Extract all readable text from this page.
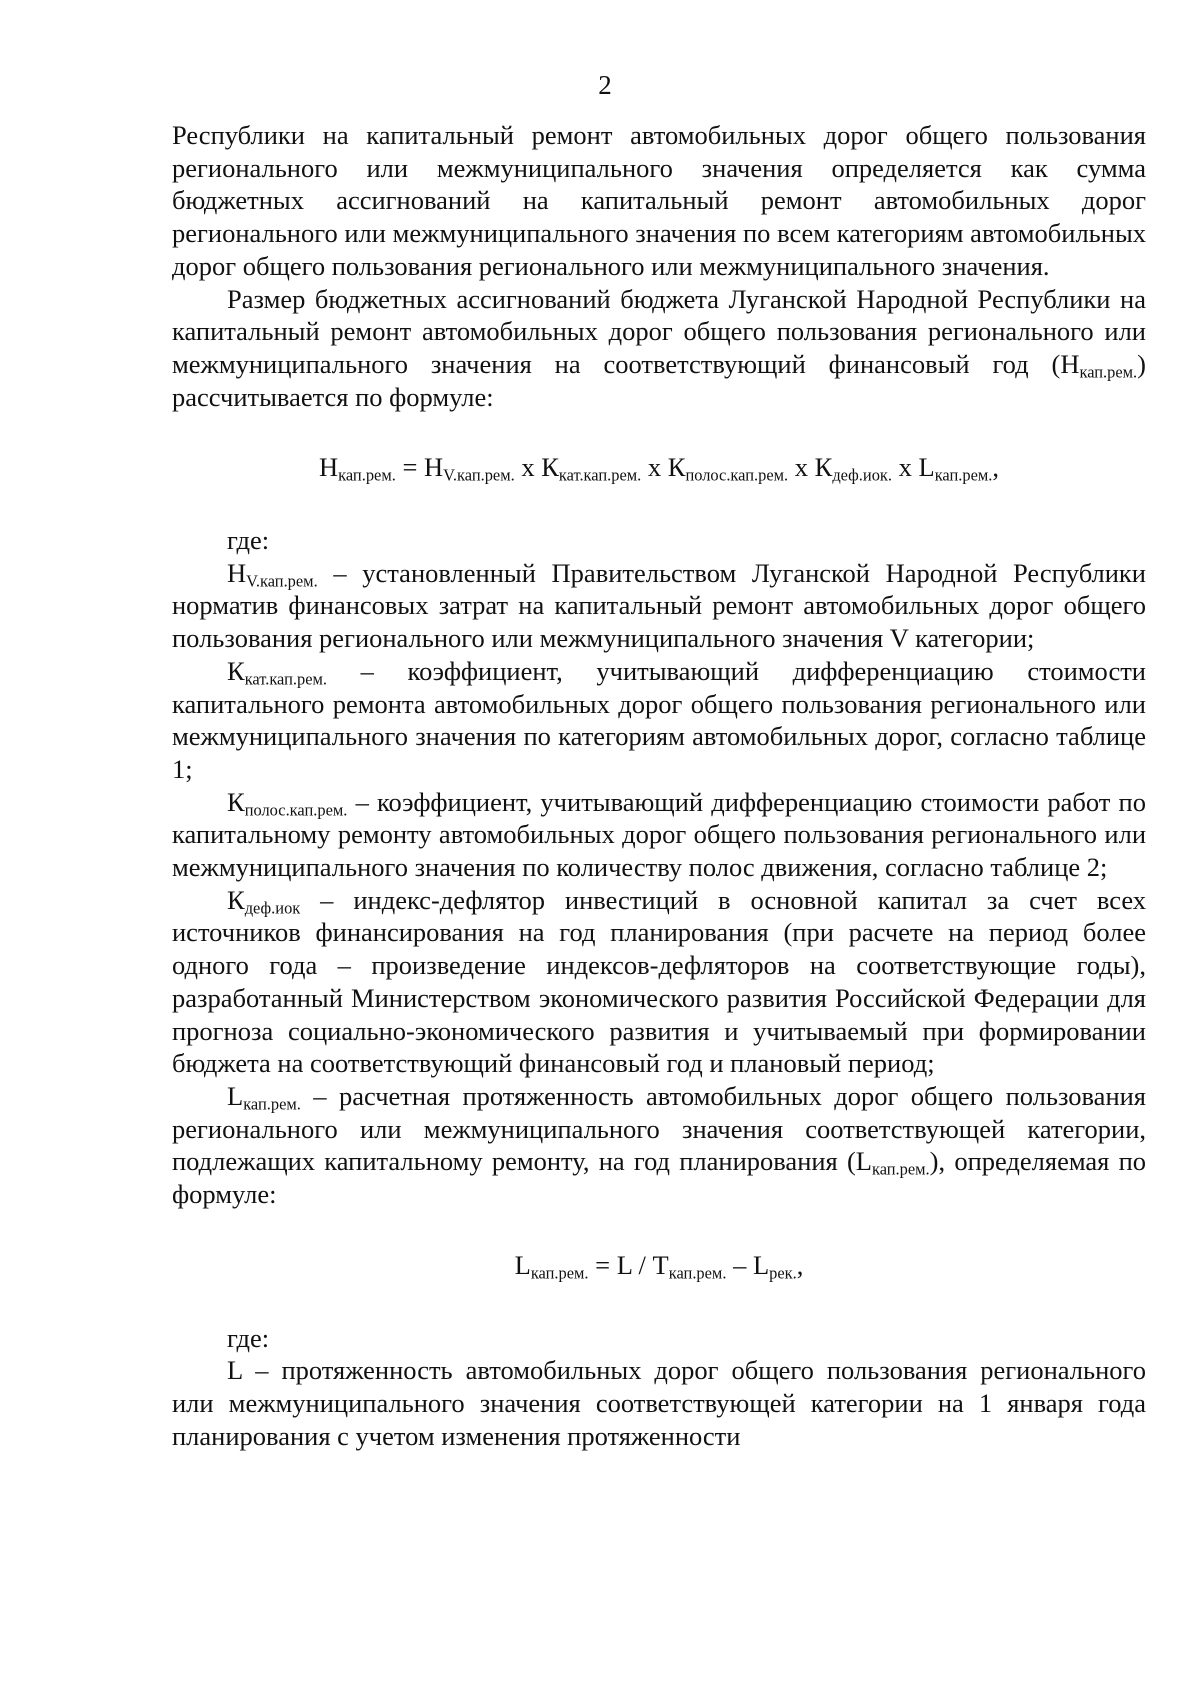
2

Республики на капитальный ремонт автомобильных дорог общего пользования регионального или межмуниципального значения определяется как сумма бюджетных ассигнований на капитальный ремонт автомобильных дорог регионального или межмуниципального значения по всем категориям автомобильных дорог общего пользования регионального или межмуниципального значения.

Размер бюджетных ассигнований бюджета Луганской Народной Республики на капитальный ремонт автомобильных дорог общего пользования регионального или межмуниципального значения на соответствующий финансовый год $(Н_{кап.рем.})$ рассчитывается по формуле:

$Н_{кап.рем.} = Н_{V.кап.рем.}$ х $К_{кат.кап.рем.}$ х $К_{полос.кап.рем.}$ х $К_{деф.иок.}$ х $L_{кап.рем.}$,

где:

$Н_{V.кап.рем.}$ – установленный Правительством Луганской Народной Республики норматив финансовых затрат на капитальный ремонт автомобильных дорог общего пользования регионального или межмуниципального значения V категории;

$К_{кат.кап.рем.}$ – коэффициент, учитывающий дифференциацию стоимости капитального ремонта автомобильных дорог общего пользования регионального или межмуниципального значения по категориям автомобильных дорог, согласно таблице 1;

$К_{полос.кап.рем.}$ – коэффициент, учитывающий дифференциацию стоимости работ по капитальному ремонту автомобильных дорог общего пользования регионального или межмуниципального значения по количеству полос движения, согласно таблице 2;

$К_{деф.иок}$ – индекс-дефлятор инвестиций в основной капитал за счет всех источников финансирования на год планирования (при расчете на период более одного года – произведение индексов-дефляторов на соответствующие годы), разработанный Министерством экономического развития Российской Федерации для прогноза социально-экономического развития и учитываемый при формировании бюджета на соответствующий финансовый год и плановый период;

$L_{кап.рем.}$ – расчетная протяженность автомобильных дорог общего пользования регионального или межмуниципального значения соответствующей категории, подлежащих капитальному ремонту, на год планирования $(L_{кап.рем.})$, определяемая по формуле:

$L_{кап.рем.} = L / Т_{кап.рем.} - L_{рек.}$,

где:

L – протяженность автомобильных дорог общего пользования регионального или межмуниципального значения соответствующей категории на 1 января года планирования с учетом изменения протяженности
